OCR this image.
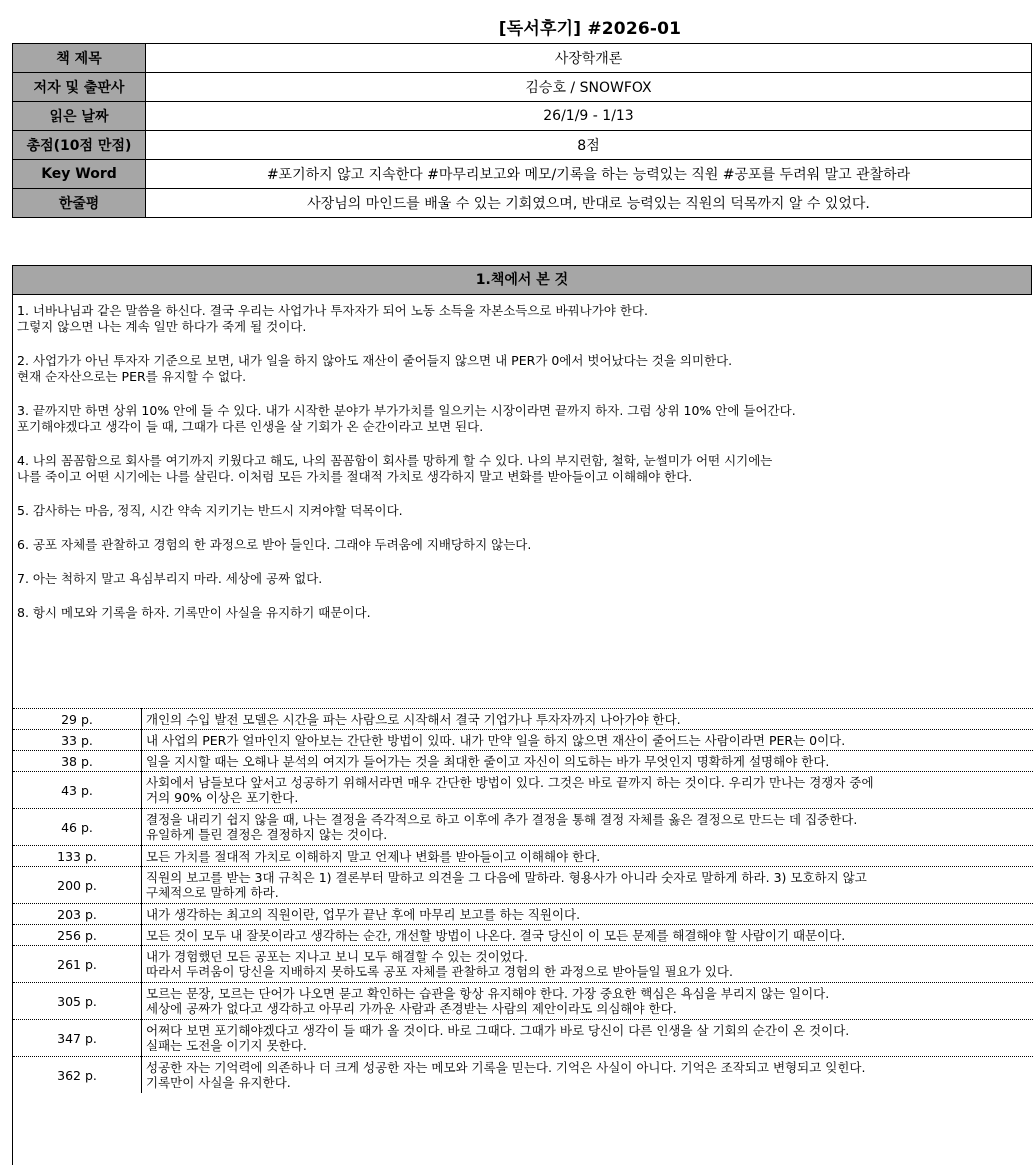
[독서후기] #2026-01
책 제목	사장학개론
저자 및 출판사	김승호 / SNOWFOX
읽은 날짜	26/1/9 - 1/13
총점(10점 만점)	8점
Key Word	#포기하지 않고 지속한다 #마무리보고와 메모/기록을 하는 능력있는 직원 #공포를 두려워 말고 관찰하라
한줄평	사장님의 마인드를 배울 수 있는 기회였으며, 반대로 능력있는 직원의 덕목까지 알 수 있었다.
1.책에서 본 것

1. 너바나님과 같은 말씀을 하신다. 결국 우리는 사업가나 투자자가 되어 노동 소득을 자본소득으로 바꿔나가야 한다.
그렇지 않으면 나는 계속 일만 하다가 죽게 될 것이다.

2. 사업가가 아닌 투자자 기준으로 보면, 내가 일을 하지 않아도 재산이 줄어들지 않으면 내 PER가 0에서 벗어났다는 것을 의미한다.
현재 순자산으로는 PER를 유지할 수 없다.

3. 끝까지만 하면 상위 10% 안에 들 수 있다. 내가 시작한 분야가 부가가치를 일으키는 시장이라면 끝까지 하자. 그럼 상위 10% 안에 들어간다.
포기해야겠다고 생각이 들 때, 그때가 다른 인생을 살 기회가 온 순간이라고 보면 된다.

4. 나의 꼼꼼함으로 회사를 여기까지 키웠다고 해도, 나의 꼼꼼함이 회사를 망하게 할 수 있다. 나의 부지런함, 철학, 눈썰미가 어떤 시기에는
나를 죽이고 어떤 시기에는 나를 살린다. 이처럼 모든 가치를 절대적 가치로 생각하지 말고 변화를 받아들이고 이해해야 한다.

5. 감사하는 마음, 정직, 시간 약속 지키기는 반드시 지켜야할 덕목이다.

6. 공포 자체를 관찰하고 경험의 한 과정으로 받아 들인다. 그래야 두려움에 지배당하지 않는다.

7. 아는 척하지 말고 욕심부리지 마라. 세상에 공짜 없다.

8. 항시 메모와 기록을 하자. 기록만이 사실을 유지하기 때문이다.

29 p.	개인의 수입 발전 모델은 시간을 파는 사람으로 시작해서 결국 기업가나 투자자까지 나아가야 한다.
33 p.	내 사업의 PER가 얼마인지 알아보는 간단한 방법이 있따. 내가 만약 일을 하지 않으면 재산이 줄어드는 사람이라면 PER는 0이다.
38 p.	일을 지시할 때는 오해나 분석의 여지가 들어가는 것을 최대한 줄이고 자신이 의도하는 바가 무엇인지 명확하게 설명해야 한다.
43 p.	사회에서 남들보다 앞서고 성공하기 위해서라면 매우 간단한 방법이 있다. 그것은 바로 끝까지 하는 것이다. 우리가 만나는 경쟁자 중에
거의 90% 이상은 포기한다.
46 p.	결정을 내리기 쉽지 않을 때, 나는 결정을 즉각적으로 하고 이후에 추가 결정을 통해 결정 자체를 옳은 결정으로 만드는 데 집중한다.
유일하게 틀린 결정은 결정하지 않는 것이다.
133 p.	모든 가치를 절대적 가치로 이해하지 말고 언제나 변화를 받아들이고 이해해야 한다.
200 p.	직원의 보고를 받는 3대 규칙은 1) 결론부터 말하고 의견을 그 다음에 말하라. 형용사가 아니라 숫자로 말하게 하라. 3) 모호하지 않고
구체적으로 말하게 하라.
203 p.	내가 생각하는 최고의 직원이란, 업무가 끝난 후에 마무리 보고를 하는 직원이다.
256 p.	모든 것이 모두 내 잘못이라고 생각하는 순간, 개선할 방법이 나온다. 결국 당신이 이 모든 문제를 해결해야 할 사람이기 때문이다.
261 p.	내가 경험했던 모든 공포는 지나고 보니 모두 해결할 수 있는 것이었다.
따라서 두려움이 당신을 지배하지 못하도록 공포 자체를 관찰하고 경험의 한 과정으로 받아들일 필요가 있다.
305 p.	모르는 문장, 모르는 단어가 나오면 묻고 확인하는 습관을 항상 유지해야 한다. 가장 중요한 핵심은 욕심을 부리지 않는 일이다.
세상에 공짜가 없다고 생각하고 아무리 가까운 사람과 존경받는 사람의 제안이라도 의심해야 한다.
347 p.	어쩌다 보면 포기해야겠다고 생각이 들 때가 올 것이다. 바로 그때다. 그때가 바로 당신이 다른 인생을 살 기회의 순간이 온 것이다.
실패는 도전을 이기지 못한다.
362 p.	성공한 자는 기억력에 의존하나 더 크게 성공한 자는 메모와 기록을 믿는다. 기억은 사실이 아니다. 기억은 조작되고 변형되고 잊힌다.
기록만이 사실을 유지한다.
